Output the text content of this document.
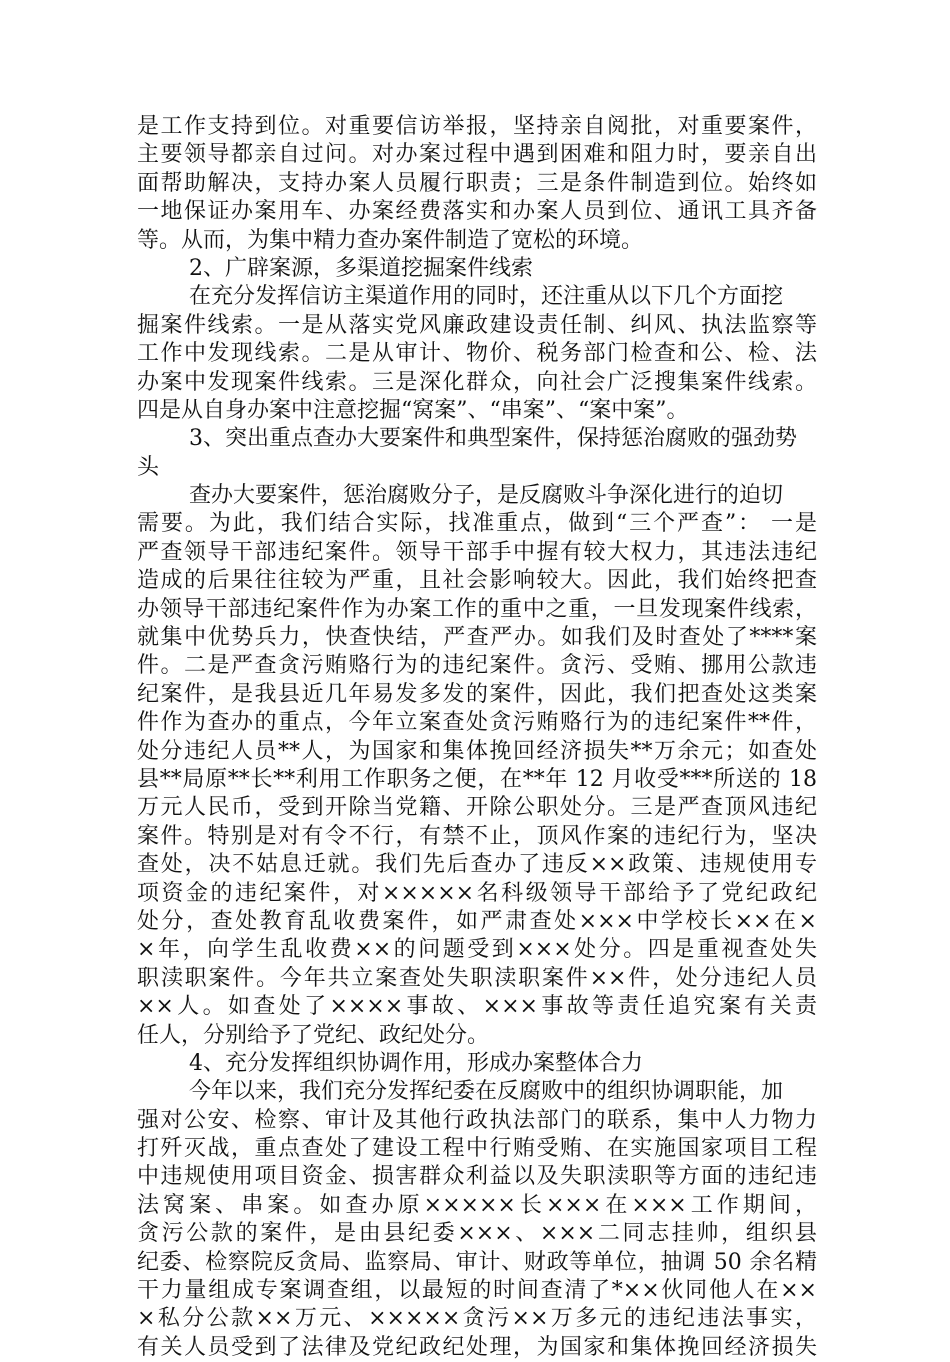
是工作支持到位。对重要信访举报，坚持亲自阅批，对重要案件，
主要领导都亲自过问。对办案过程中遇到困难和阻力时，要亲自出
面帮助解决，支持办案人员履行职责；三是条件制造到位。始终如
一地保证办案用车、办案经费落实和办案人员到位、通讯工具齐备
等。从而，为集中精力查办案件制造了宽松的环境。
2、广辟案源，多渠道挖掘案件线索
在充分发挥信访主渠道作用的同时，还注重从以下几个方面挖
掘案件线索。一是从落实党风廉政建设责任制、纠风、执法监察等
工作中发现线索。二是从审计、物价、税务部门检查和公、检、法
办案中发现案件线索。三是深化群众，向社会广泛搜集案件线索。
四是从自身办案中注意挖掘“窝案”、“串案”、“案中案”。
3、突出重点查办大要案件和典型案件，保持惩治腐败的强劲势
头
查办大要案件，惩治腐败分子，是反腐败斗争深化进行的迫切
需要。为此，我们结合实际，找准重点，做到“三个严查”： 一是
严查领导干部违纪案件。领导干部手中握有较大权力，其违法违纪
造成的后果往往较为严重，且社会影响较大。因此，我们始终把查
办领导干部违纪案件作为办案工作的重中之重，一旦发现案件线索，
就集中优势兵力，快查快结，严查严办。如我们及时查处了****案
件。二是严查贪污贿赂行为的违纪案件。贪污、受贿、挪用公款违
纪案件，是我县近几年易发多发的案件，因此，我们把查处这类案
件作为查办的重点，今年立案查处贪污贿赂行为的违纪案件**件，
处分违纪人员**人，为国家和集体挽回经济损失**万余元；如查处
县**局原**长**利用工作职务之便，在**年 12 月收受***所送的 18
万元人民币，受到开除当党籍、开除公职处分。三是严查顶风违纪
案件。特别是对有令不行，有禁不止，顶风作案的违纪行为，坚决
查处，决不姑息迁就。我们先后查办了违反××政策、违规使用专
项资金的违纪案件，对×××××名科级领导干部给予了党纪政纪
处分，查处教育乱收费案件，如严肃查处×××中学校长××在×
×年，向学生乱收费××的问题受到×××处分。四是重视查处失
职渎职案件。今年共立案查处失职渎职案件××件，处分违纪人员
××人。如查处了××××事故、×××事故等责任追究案有关责
任人，分别给予了党纪、政纪处分。
4、充分发挥组织协调作用，形成办案整体合力
今年以来，我们充分发挥纪委在反腐败中的组织协调职能，加
强对公安、检察、审计及其他行政执法部门的联系，集中人力物力
打歼灭战，重点查处了建设工程中行贿受贿、在实施国家项目工程
中违规使用项目资金、损害群众利益以及失职渎职等方面的违纪违
法窝案、串案。如查办原×××××长×××在×××工作期间，
贪污公款的案件，是由县纪委×××、×××二同志挂帅，组织县
纪委、检察院反贪局、监察局、审计、财政等单位，抽调 50 余名精
干力量组成专案调查组，以最短的时间查清了*××伙同他人在××
×私分公款××万元、×××××贪污××万多元的违纪违法事实，
有关人员受到了法律及党纪政纪处理，为国家和集体挽回经济损失
